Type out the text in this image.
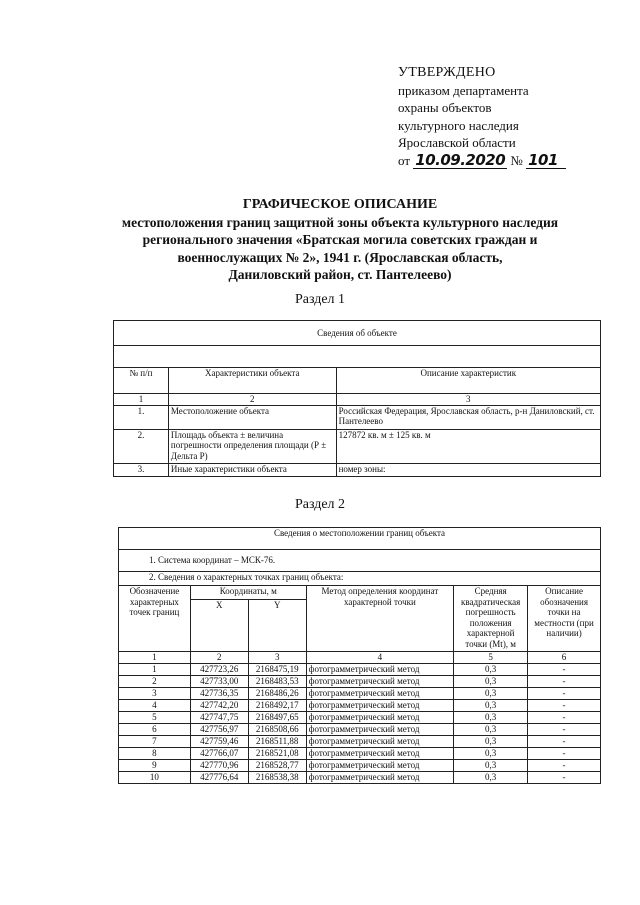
УТВЕРЖДЕНО
приказом департамента
охраны объектов
культурного наследия
Ярославской области
от 10.09.2020 № 101
ГРАФИЧЕСКОЕ ОПИСАНИЕ
местоположения границ защитной зоны объекта культурного наследия
регионального значения «Братская могила советских граждан и
военнослужащих № 2», 1941 г. (Ярославская область,
Даниловский район, ст. Пантелеево)
Раздел 1
Сведения об объекте		

№ п/п	Характеристики объекта	Описание характеристик
1	2	3
1.	Местоположение объекта	Российская Федерация, Ярославская область, р-н Даниловский, ст. Пантелеево
2.	Площадь объекта ± величина погрешности определения площади (Р ± Дельта Р)	127872 кв. м ± 125 кв. м
3.	Иные характеристики объекта	номер зоны:
Раздел 2
Сведения о местоположении границ объекта					
1. Система координат – МСК-76.					
2. Сведения о характерных точках границ объекта:					
Обозначение характерных точек границ	Координаты, м		Метод определения координат характерной точки	Средняя квадратическая погрешность положения характерной точки (Mt), м	Описание обозначения точки на местности (при наличии)
	X	Y			
1	2	3	4	5	6
1	427723,26	2168475,19	фотограмметрический метод	0,3	-
2	427733,00	2168483,53	фотограмметрический метод	0,3	-
3	427736,35	2168486,26	фотограмметрический метод	0,3	-
4	427742,20	2168492,17	фотограмметрический метод	0,3	-
5	427747,75	2168497,65	фотограмметрический метод	0,3	-
6	427756,97	2168508,66	фотограмметрический метод	0,3	-
7	427759,46	2168511,88	фотограмметрический метод	0,3	-
8	427766,07	2168521,08	фотограмметрический метод	0,3	-
9	427770,96	2168528,77	фотограмметрический метод	0,3	-
10	427776,64	2168538,38	фотограмметрический метод	0,3	-
